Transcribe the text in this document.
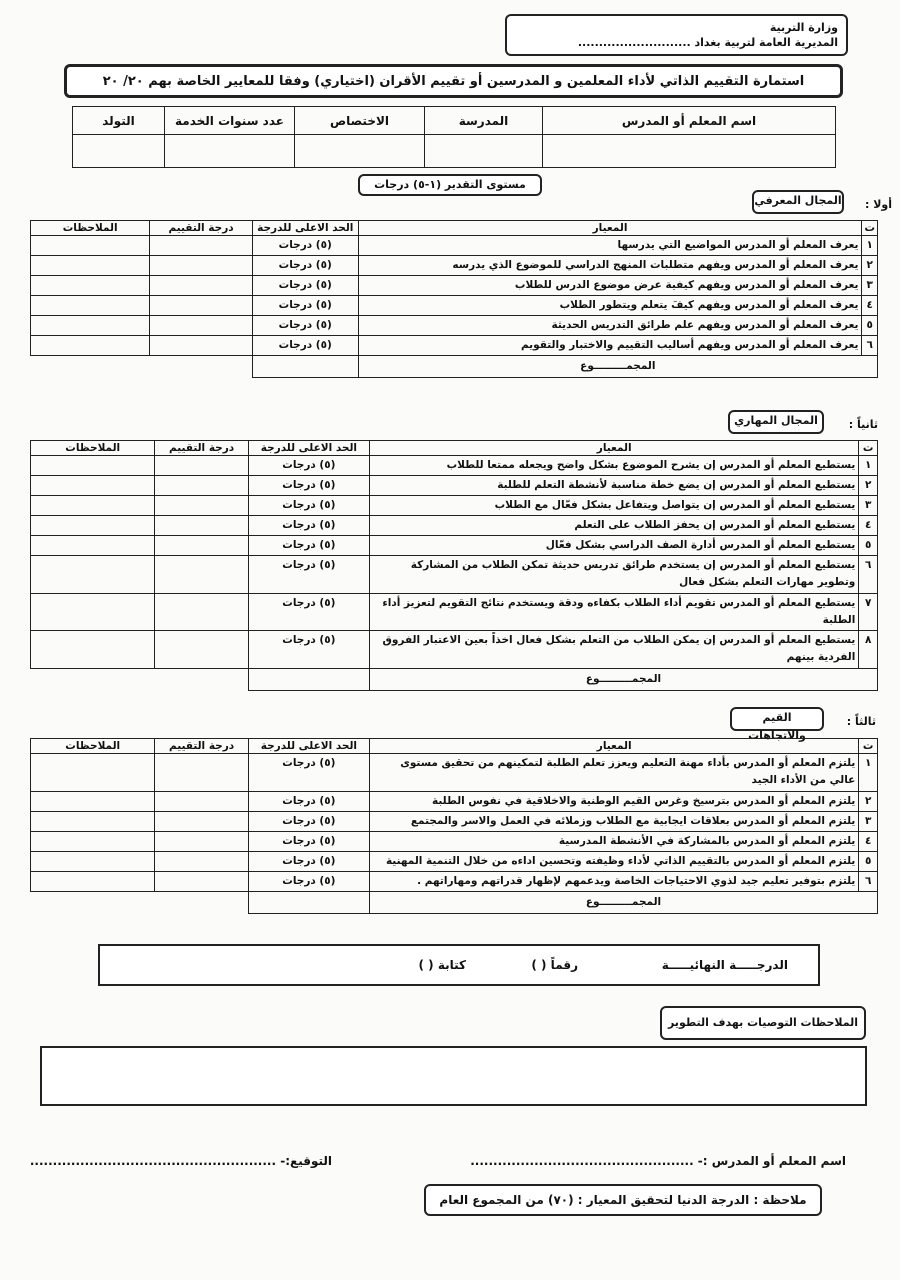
وزارة التربية
المديرية العامة لتربية بغداد ...........................
استمارة التقييم الذاتي لأداء المعلمين و المدرسين أو تقييم الأقران (اختياري) وفقا للمعايير الخاصة بهم ٢٠/ ٢٠
اسم المعلم أو المدرس	المدرسة	الاختصاص	عدد سنوات الخدمة	التولد

مستوى التقدير (١-٥) درجات
أولا :
المجال المعرفي
ت	المعيار	الحد الاعلى للدرجة	درجة التقييم	الملاحظات
١	يعرف المعلم أو المدرس المواضيع التي يدرسها	(٥) درجات		
٢	يعرف المعلم أو المدرس ويفهم متطلبات المنهج الدراسي للموضوع الذي يدرسه	(٥) درجات		
٣	يعرف المعلم أو المدرس ويفهم كيفية عرض موضوع الدرس للطلاب	(٥) درجات		
٤	يعرف المعلم أو المدرس ويفهم كيفَ يتعلم ويتطور الطلاب	(٥) درجات		
٥	يعرف المعلم أو المدرس ويفهم علم طرائق التدريس الحديثة	(٥) درجات		
٦	يعرف المعلم أو المدرس ويفهم أساليب التقييم والاختبار والتقويم	(٥) درجات		
المجمـــــــــوع				
ثانياً :
المجال المهاري
ت	المعيار	الحد الاعلى للدرجة	درجة التقييم	الملاحظات
١	يستطيع المعلم أو المدرس إن يشرح الموضوع بشكل واضح ويجعله ممتعا للطلاب	(٥) درجات		
٢	يستطيع المعلم أو المدرس إن يضع خطة مناسبة لأنشطة التعلم للطلبة	(٥) درجات		
٣	يستطيع المعلم أو المدرس إن يتواصل ويتفاعل بشكل فعّال مع الطلاب	(٥) درجات		
٤	يستطيع المعلم أو المدرس إن يحفز الطلاب على التعلم	(٥) درجات		
٥	يستطيع المعلم أو المدرس أدارة الصف الدراسي بشكل فعّال	(٥) درجات		
٦	يستطيع المعلم أو المدرس إن يستخدم طرائق تدريس حديثة تمكن الطلاب من المشاركة وتطوير مهارات التعلم بشكل فعال	(٥) درجات		
٧	يستطيع المعلم أو المدرس تقويم أداء الطلاب بكفاءه ودقة ويستخدم نتائج التقويم لتعزيز أداء الطلبة	(٥) درجات		
٨	يستطيع المعلم أو المدرس إن يمكن الطلاب من التعلم بشكل فعال اخذاً بعين الاعتبار الفروق الفردية بينهم	(٥) درجات		
المجمـــــــــوع				
ثالثاً :
القيم والاتجاهات
ت	المعيار	الحد الاعلى للدرجة	درجة التقييم	الملاحظات
١	يلتزم المعلم أو المدرس بأداء مهنة التعليم ويعزز تعلم الطلبة لتمكينهم من تحقيق مستوى عالي من الأداء الجيد	(٥) درجات		
٢	يلتزم المعلم أو المدرس بترسيخ وغرس القيم الوطنية والاخلاقية في نفوس الطلبة	(٥) درجات		
٣	يلتزم المعلم أو المدرس بعلاقات ايجابية مع الطلاب وزملائه في العمل والاسر والمجتمع	(٥) درجات		
٤	يلتزم المعلم أو المدرس بالمشاركة في الأنشطة المدرسية	(٥) درجات		
٥	يلتزم المعلم أو المدرس بالتقييم الذاتي لأداء وظيفته وتحسين اداءه من خلال التنمية المهنية	(٥) درجات		
٦	يلتزم بتوفير تعليم جيد لذوي الاحتياجات الخاصة ويدعمهم لإظهار قدراتهم ومهاراتهم .	(٥) درجات		
المجمـــــــــوع				
الدرجـــــة النهائيـــــة
رقماً ( )
كتابة ( )
الملاحظات التوصيات بهدف التطوير
اسم المعلم أو المدرس :- .................................................
التوقيع:- ......................................................
ملاحظة : الدرجة الدنيا لتحقيق المعيار : (٧٠) من المجموع العام
